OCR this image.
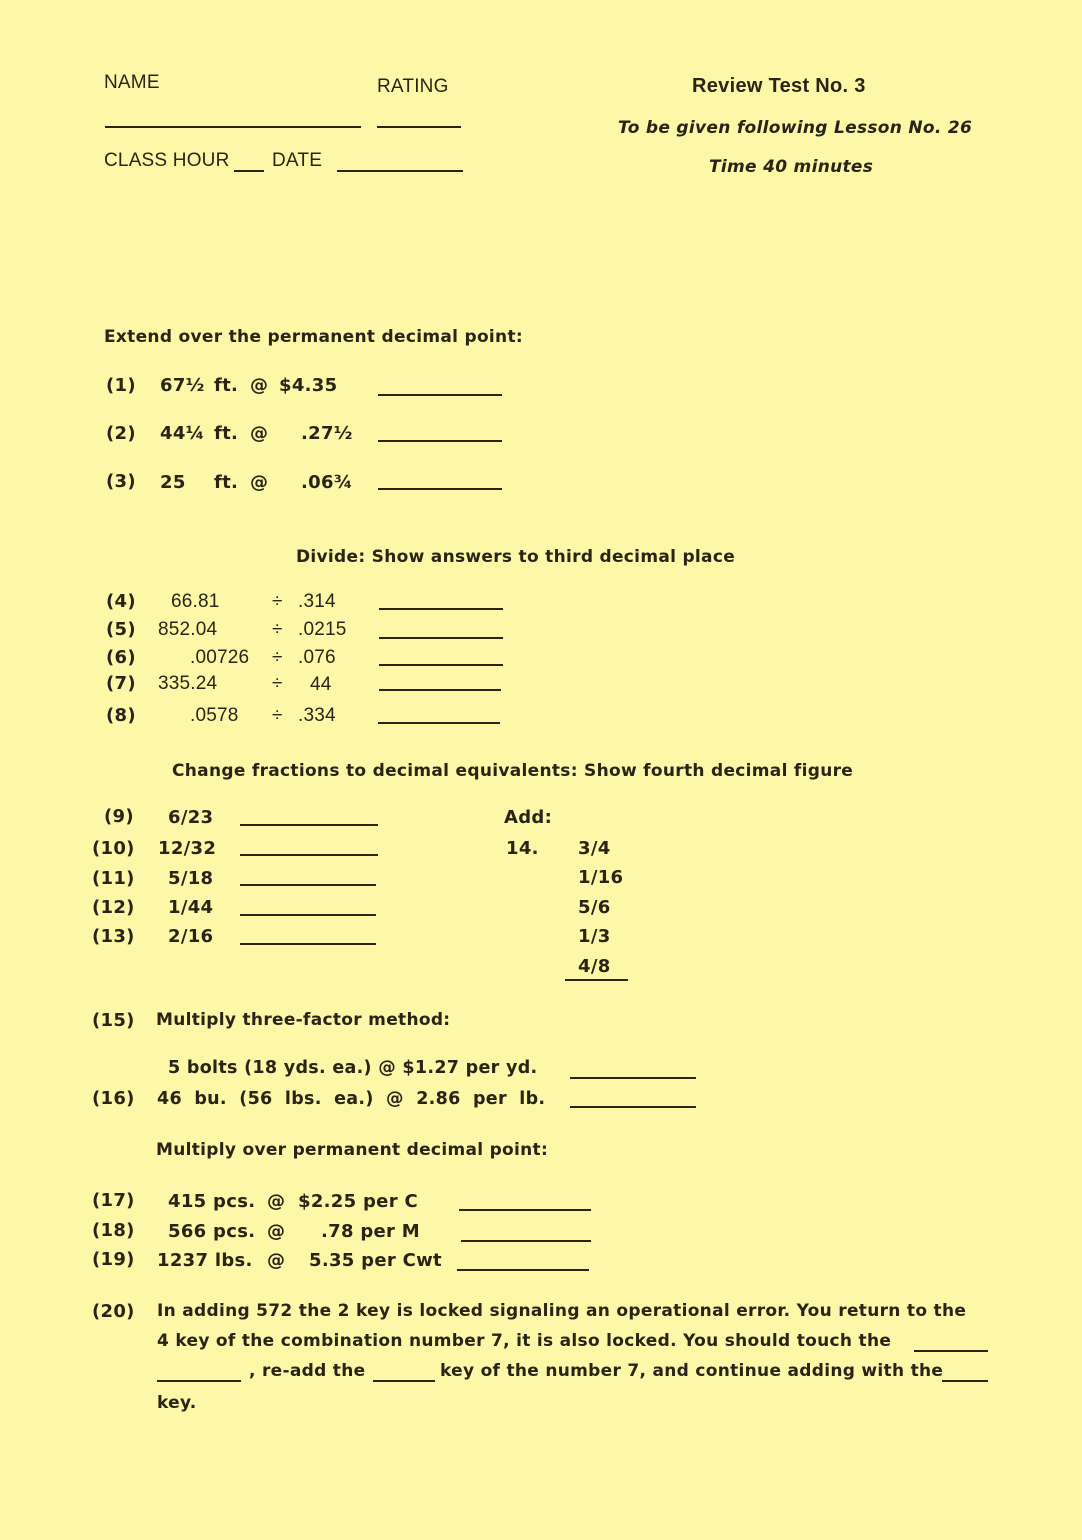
NAME	RATING	Review Test No. 3
To be given following Lesson No. 26
CLASS HOUR DATE	Time 40 minutes
Extend over the permanent decimal point:
(1) 67½ ft. @ $4.35
(2) 44¼ ft. @ .27½
(3) 25 ft. @ .06¾
Divide: Show answers to third decimal place
(4) 66.81	÷ .314
(5) 852.04	÷ .0215
(6)	.00726 ÷ .076
(7) 335.24	÷ 44
(8)	.0578 ÷ .334
Change fractions to decimal equivalents: Show fourth decimal figure
(9) 6/23
(10) 12/32
(11) 5/18
(12) 1/44
(13) 2/16
Add:
14. 3/4
1/16
5/6
1/3
4/8
(15) Multiply three-factor method:
5 bolts (18 yds. ea.) @ $1.27 per yd.
(16) 46 bu. (56 lbs. ea.) @ 2.86 per lb.
Multiply over permanent decimal point:
(17) 415 pcs. @ $2.25 per C
(18) 566 pcs. @ .78 per M
(19) 1237 lbs. @ 5.35 per Cwt
(20) In adding 572 the 2 key is locked signaling an operational error. You return to the
4 key of the combination number 7, it is also locked. You should touch the
, re-add the	key of the number 7, and continue adding with the
key.
